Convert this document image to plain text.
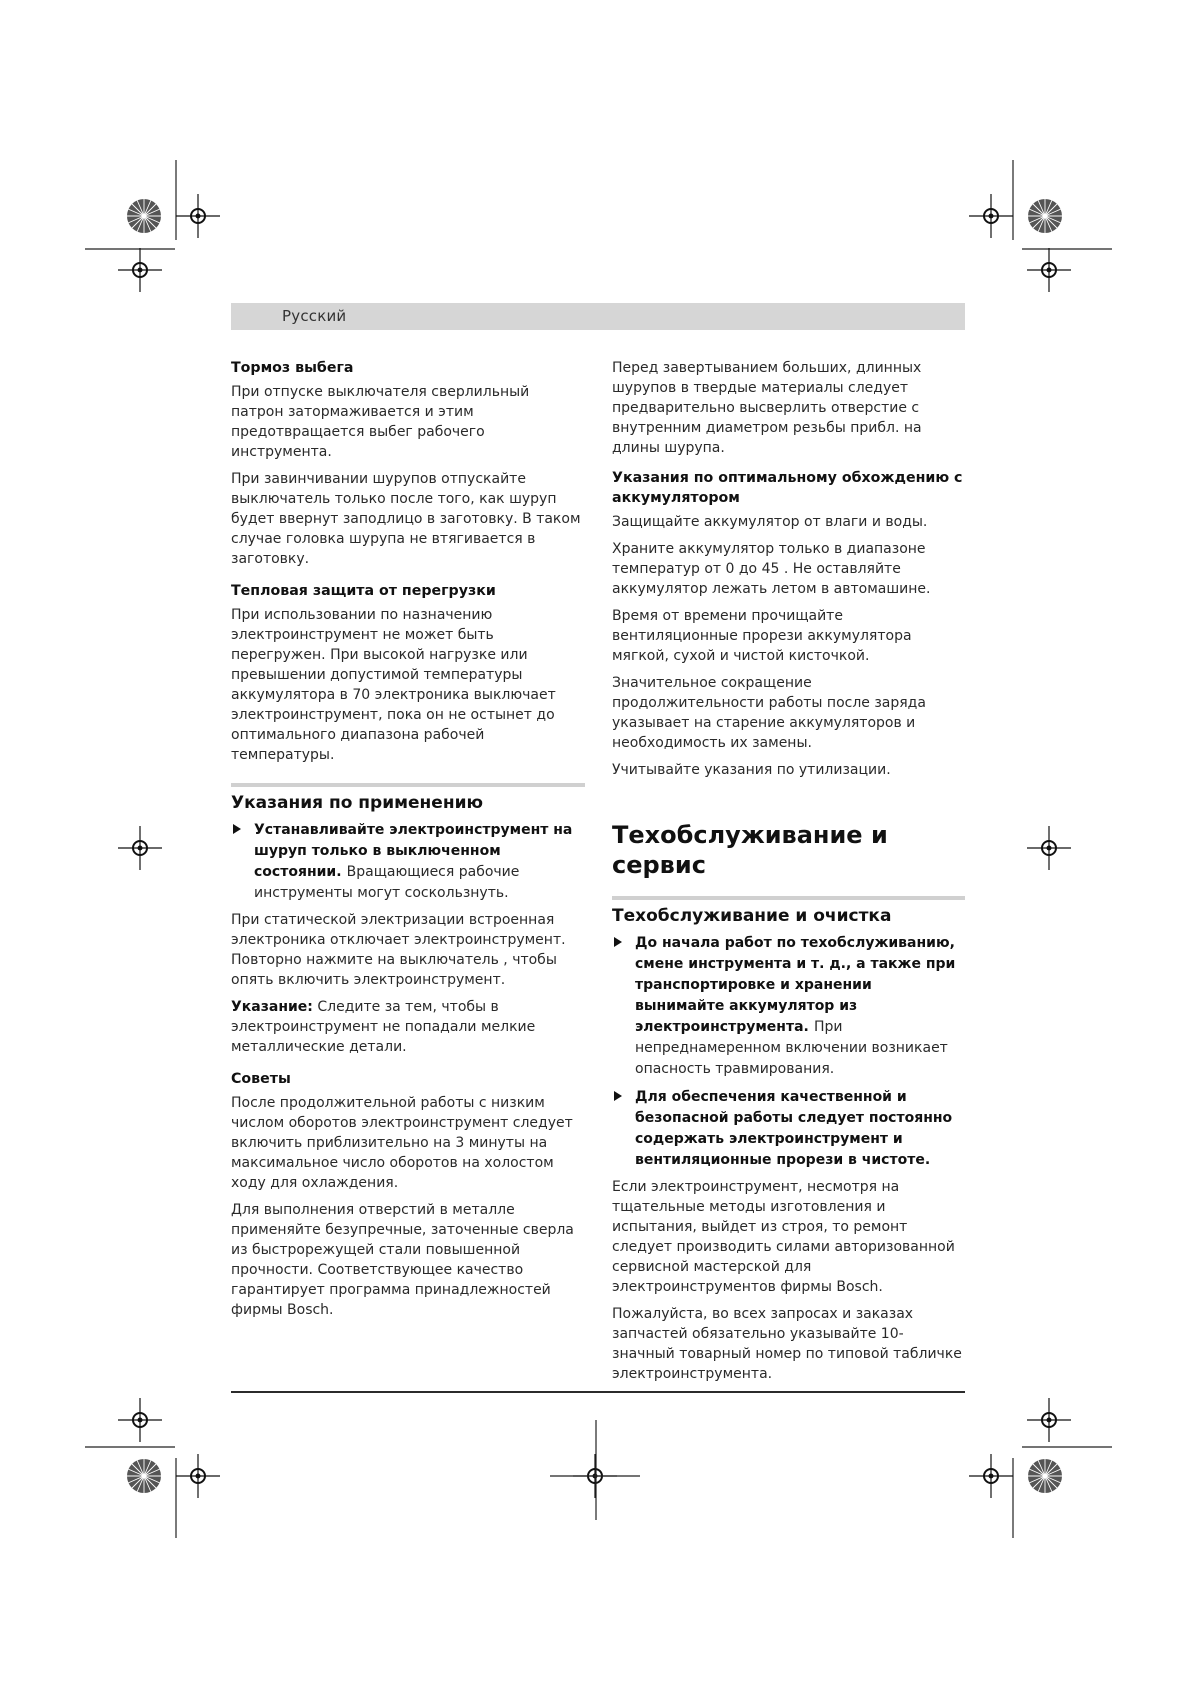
Русский
Тормоз выбега
При отпуске выключателя сверлильный патрон затормаживается и этим предотвращается выбег рабочего инструмента.
При завинчивании шурупов отпускайте выключатель только после того, как шуруп будет ввернут заподлицо в заготовку. В таком случае головка шурупа не втягивается в заготовку.
Тепловая защита от перегрузки
При использовании по назначению электроинструмент не может быть перегружен. При высокой нагрузке или превышении допустимой температуры аккумулятора в 70 электроника выключает электроинструмент, пока он не остынет до оптимального диапазона рабочей температуры.
Указания по применению
Устанавливайте электроинструмент на шуруп только в выключенном состоянии. Вращающиеся рабочие инструменты могут соскользнуть.
При статической электризации встроенная электроника отключает электроинструмент. Повторно нажмите на выключатель , чтобы опять включить электроинструмент.
Указание: Следите за тем, чтобы в электроинструмент не попадали мелкие металлические детали.
Советы
После продолжительной работы с низким числом оборотов электроинструмент следует включить приблизительно на 3 минуты на максимальное число оборотов на холостом ходу для охлаждения.
Для выполнения отверстий в металле применяйте безупречные, заточенные сверла из быстрорежущей стали повышенной прочности. Соответствующее качество гарантирует программа принадлежностей фирмы Bosch.
Перед завертыванием больших, длинных шурупов в твердые материалы следует предварительно высверлить отверстие с внутренним диаметром резьбы прибл. на длины шурупа.
Указания по оптимальному обхождению с аккумулятором
Защищайте аккумулятор от влаги и воды.
Храните аккумулятор только в диапазоне температур от 0 до 45 . Не оставляйте аккумулятор лежать летом в автомашине.
Время от времени прочищайте вентиляционные прорези аккумулятора мягкой, сухой и чистой кисточкой.
Значительное сокращение продолжительности работы после заряда указывает на старение аккумуляторов и необходимость их замены.
Учитывайте указания по утилизации.
Техобслуживание и сервис
Техобслуживание и очистка
До начала работ по техобслуживанию, смене инструмента и т. д., а также при транспортировке и хранении вынимайте аккумулятор из электроинструмента. При непреднамеренном включении возникает опасность травмирования.
Для обеспечения качественной и безопасной работы следует постоянно содержать электроинструмент и вентиляционные прорези в чистоте.
Если электроинструмент, несмотря на тщательные методы изготовления и испытания, выйдет из строя, то ремонт следует производить силами авторизованной сервисной мастерской для электроинструментов фирмы Bosch.
Пожалуйста, во всех запросах и заказах запчастей обязательно указывайте 10-значный товарный номер по типовой табличке электроинструмента.
